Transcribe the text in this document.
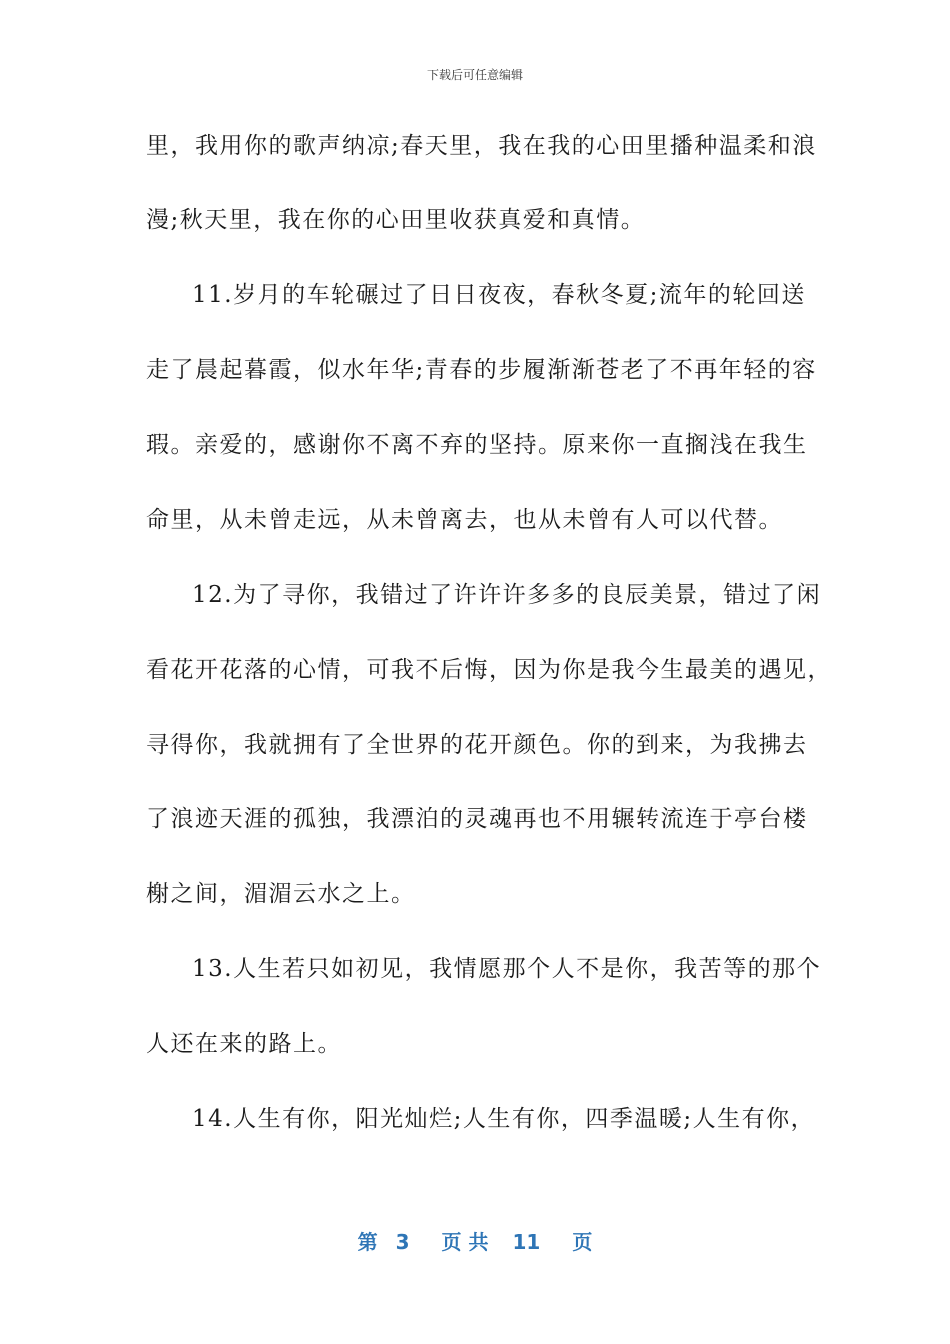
下载后可任意编辑
里，我用你的歌声纳凉;春天里，我在我的心田里播种温柔和浪
漫;秋天里，我在你的心田里收获真爱和真情。
11.岁月的车轮碾过了日日夜夜，春秋冬夏;流年的轮回送
走了晨起暮霞，似水年华;青春的步履渐渐苍老了不再年轻的容
瑕。亲爱的，感谢你不离不弃的坚持。原来你一直搁浅在我生
命里，从未曾走远，从未曾离去，也从未曾有人可以代替。
12.为了寻你，我错过了许许许多多的良辰美景，错过了闲
看花开花落的心情，可我不后悔，因为你是我今生最美的遇见，
寻得你，我就拥有了全世界的花开颜色。你的到来，为我拂去
了浪迹天涯的孤独，我漂泊的灵魂再也不用辗转流连于亭台楼
榭之间，湄湄云水之上。
13.人生若只如初见，我情愿那个人不是你，我苦等的那个
人还在来的路上。
14.人生有你，阳光灿烂;人生有你，四季温暖;人生有你，
第 3 页 共 11 页
